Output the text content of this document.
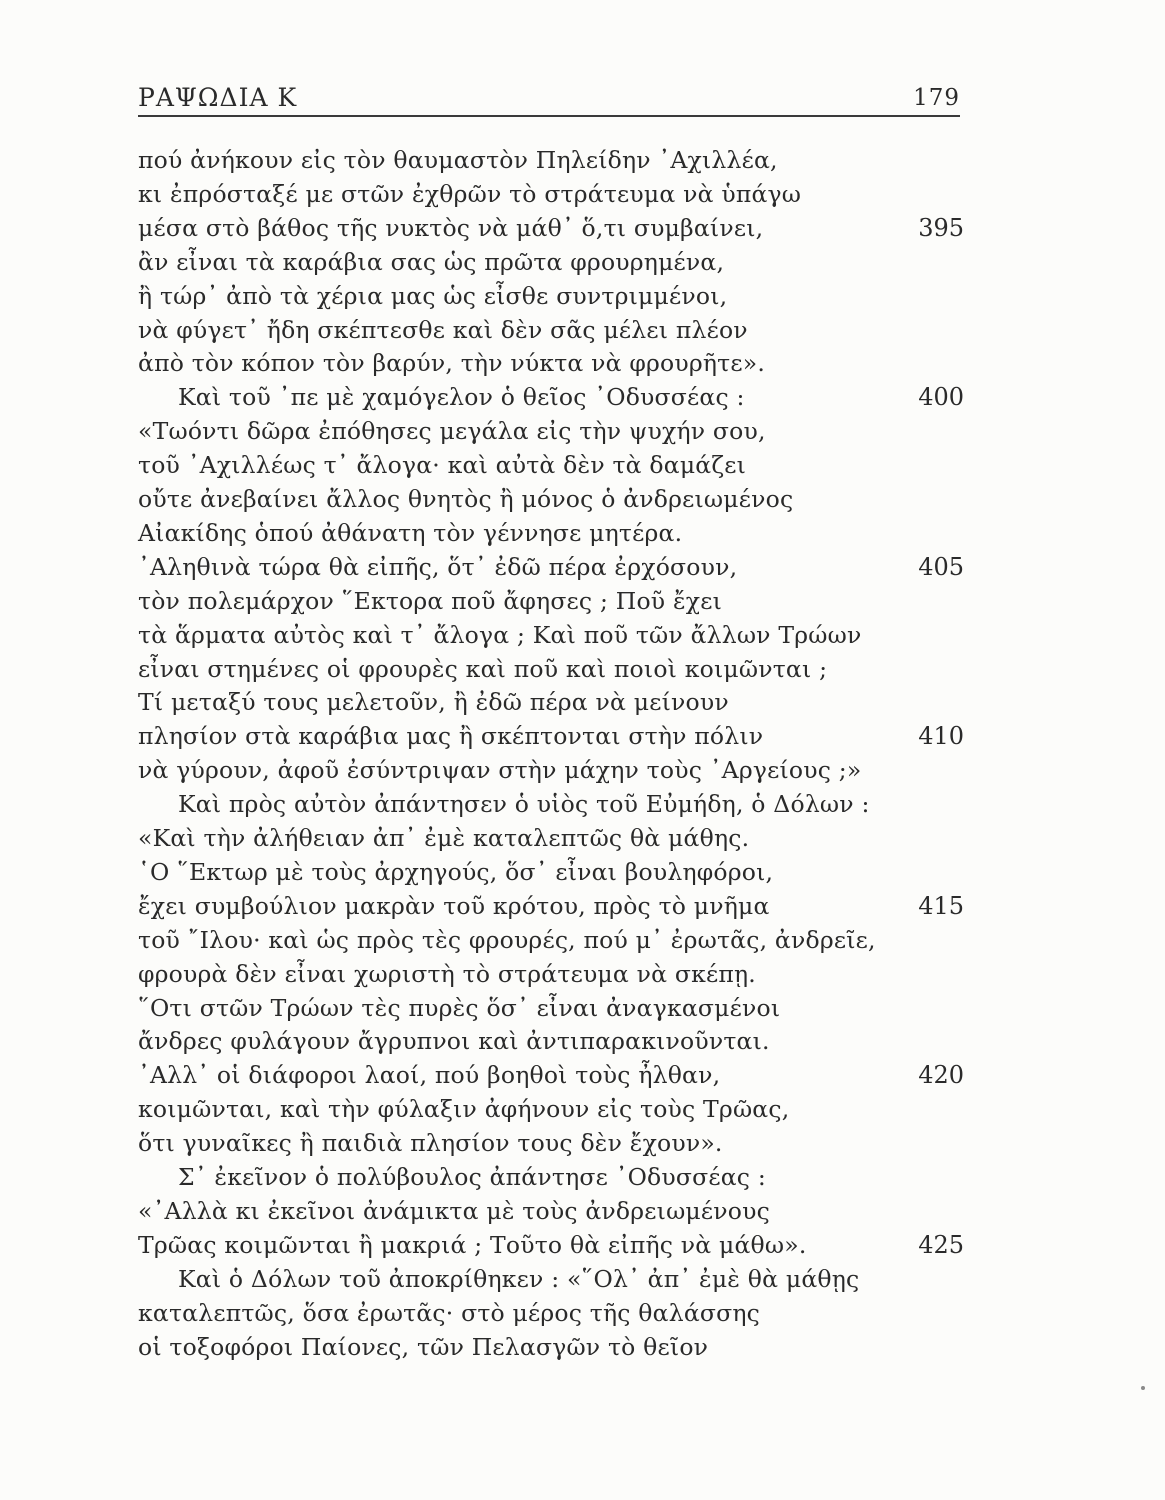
ΡΑΨΩΔΙΑ Κ	179
πού ἀνήκουν εἰς τὸν θαυμαστὸν Πηλείδην ᾿Αχιλλέα,
κι ἐπρόσταξέ με στῶν ἐχθρῶν τὸ στράτευμα νὰ ὑπάγω
μέσα στὸ βάθος τῆς νυκτὸς νὰ μάθ᾿ ὅ,τι συμβαίνει,	395
ἂν εἶναι τὰ καράβια σας ὡς πρῶτα φρουρημένα,
ἢ τώρ᾿ ἀπὸ τὰ χέρια μας ὡς εἶσθε συντριμμένοι,
νὰ φύγετ᾿ ἤδη σκέπτεσθε καὶ δὲν σᾶς μέλει πλέον
ἀπὸ τὸν κόπον τὸν βαρύν, τὴν νύκτα νὰ φρουρῆτε».
Καὶ τοῦ ᾿πε μὲ χαμόγελον ὁ θεῖος ᾿Οδυσσέας :	400
«Τωόντι δῶρα ἐπόθησες μεγάλα εἰς τὴν ψυχήν σου,
τοῦ ᾿Αχιλλέως τ᾿ ἄλογα· καὶ αὐτὰ δὲν τὰ δαμάζει
οὔτε ἀνεβαίνει ἄλλος θνητὸς ἢ μόνος ὁ ἀνδρειωμένος
Αἰακίδης ὁπού ἀθάνατη τὸν γέννησε μητέρα.
᾿Αληθινὰ τώρα θὰ εἰπῆς, ὅτ᾿ ἐδῶ πέρα ἐρχόσουν,	405
τὸν πολεμάρχον ῞Εκτορα ποῦ ἄφησες ; Ποῦ ἔχει
τὰ ἅρματα αὐτὸς καὶ τ᾿ ἄλογα ; Καὶ ποῦ τῶν ἄλλων Τρώων
εἶναι στημένες οἱ φρουρὲς καὶ ποῦ καὶ ποιοὶ κοιμῶνται ;
Τί μεταξύ τους μελετοῦν, ἢ ἐδῶ πέρα νὰ μείνουν
πλησίον στὰ καράβια μας ἢ σκέπτονται στὴν πόλιν	410
νὰ γύρουν, ἀφοῦ ἐσύντριψαν στὴν μάχην τοὺς ᾿Αργείους ;»
Καὶ πρὸς αὐτὸν ἀπάντησεν ὁ υἱὸς τοῦ Εὐμήδη, ὁ Δόλων :
«Καὶ τὴν ἀλήθειαν ἀπ᾿ ἐμὲ καταλεπτῶς θὰ μάθης.
῾Ο ῞Εκτωρ μὲ τοὺς ἀρχηγούς, ὅσ᾿ εἶναι βουληφόροι,
ἔχει συμβούλιον μακρὰν τοῦ κρότου, πρὸς τὸ μνῆμα	415
τοῦ ῎Ιλου· καὶ ὡς πρὸς τὲς φρουρές, πού μ᾿ ἐρωτᾶς, ἀνδρεῖε,
φρουρὰ δὲν εἶναι χωριστὴ τὸ στράτευμα νὰ σκέπῃ.
῞Οτι στῶν Τρώων τὲς πυρὲς ὅσ᾿ εἶναι ἀναγκασμένοι
ἄνδρες φυλάγουν ἄγρυπνοι καὶ ἀντιπαρακινοῦνται.
᾿Αλλ᾿ οἱ διάφοροι λαοί, πού βοηθοὶ τοὺς ἦλθαν,	420
κοιμῶνται, καὶ τὴν φύλαξιν ἀφήνουν εἰς τοὺς Τρῶας,
ὅτι γυναῖκες ἢ παιδιὰ πλησίον τους δὲν ἔχουν».
Σ᾿ ἐκεῖνον ὁ πολύβουλος ἀπάντησε ᾿Οδυσσέας :
«᾿Αλλὰ κι ἐκεῖνοι ἀνάμικτα μὲ τοὺς ἀνδρειωμένους
Τρῶας κοιμῶνται ἢ μακριά ; Τοῦτο θὰ εἰπῆς νὰ μάθω».	425
Καὶ ὁ Δόλων τοῦ ἀποκρίθηκεν : «῞Ολ᾿ ἀπ᾿ ἐμὲ θὰ μάθῃς
καταλεπτῶς, ὅσα ἐρωτᾶς· στὸ μέρος τῆς θαλάσσης
οἱ τοξοφόροι Παίονες, τῶν Πελασγῶν τὸ θεῖον
